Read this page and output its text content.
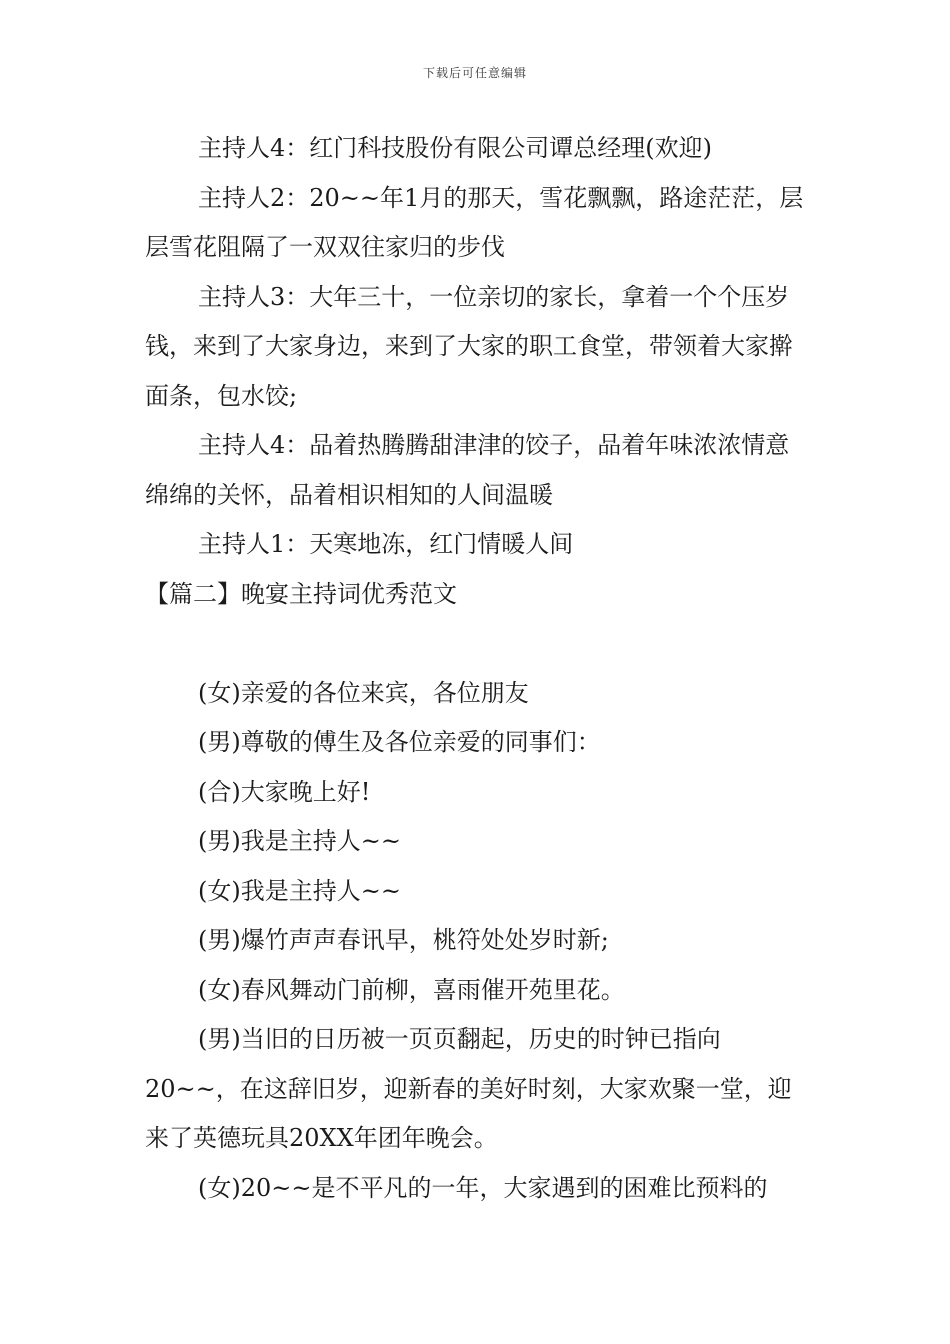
下载后可任意编辑

主持人4：红门科技股份有限公司谭总经理(欢迎)

主持人2：20~~年1月的那天，雪花飘飘，路途茫茫，层层雪花阻隔了一双双往家归的步伐

主持人3：大年三十，一位亲切的家长，拿着一个个压岁钱，来到了大家身边，来到了大家的职工食堂，带领着大家擀面条，包水饺;

主持人4：品着热腾腾甜津津的饺子，品着年味浓浓情意绵绵的关怀，品着相识相知的人间温暖

主持人1：天寒地冻，红门情暖人间

【篇二】晚宴主持词优秀范文

(女)亲爱的各位来宾，各位朋友

(男)尊敬的傅生及各位亲爱的同事们：

(合)大家晚上好!

(男)我是主持人~~

(女)我是主持人~~

(男)爆竹声声春讯早，桃符处处岁时新;

(女)春风舞动门前柳，喜雨催开苑里花。

(男)当旧的日历被一页页翻起，历史的时钟已指向20~~，在这辞旧岁，迎新春的美好时刻，大家欢聚一堂，迎来了英德玩具20XX年团年晚会。

(女)20~~是不平凡的一年，大家遇到的困难比预料的
